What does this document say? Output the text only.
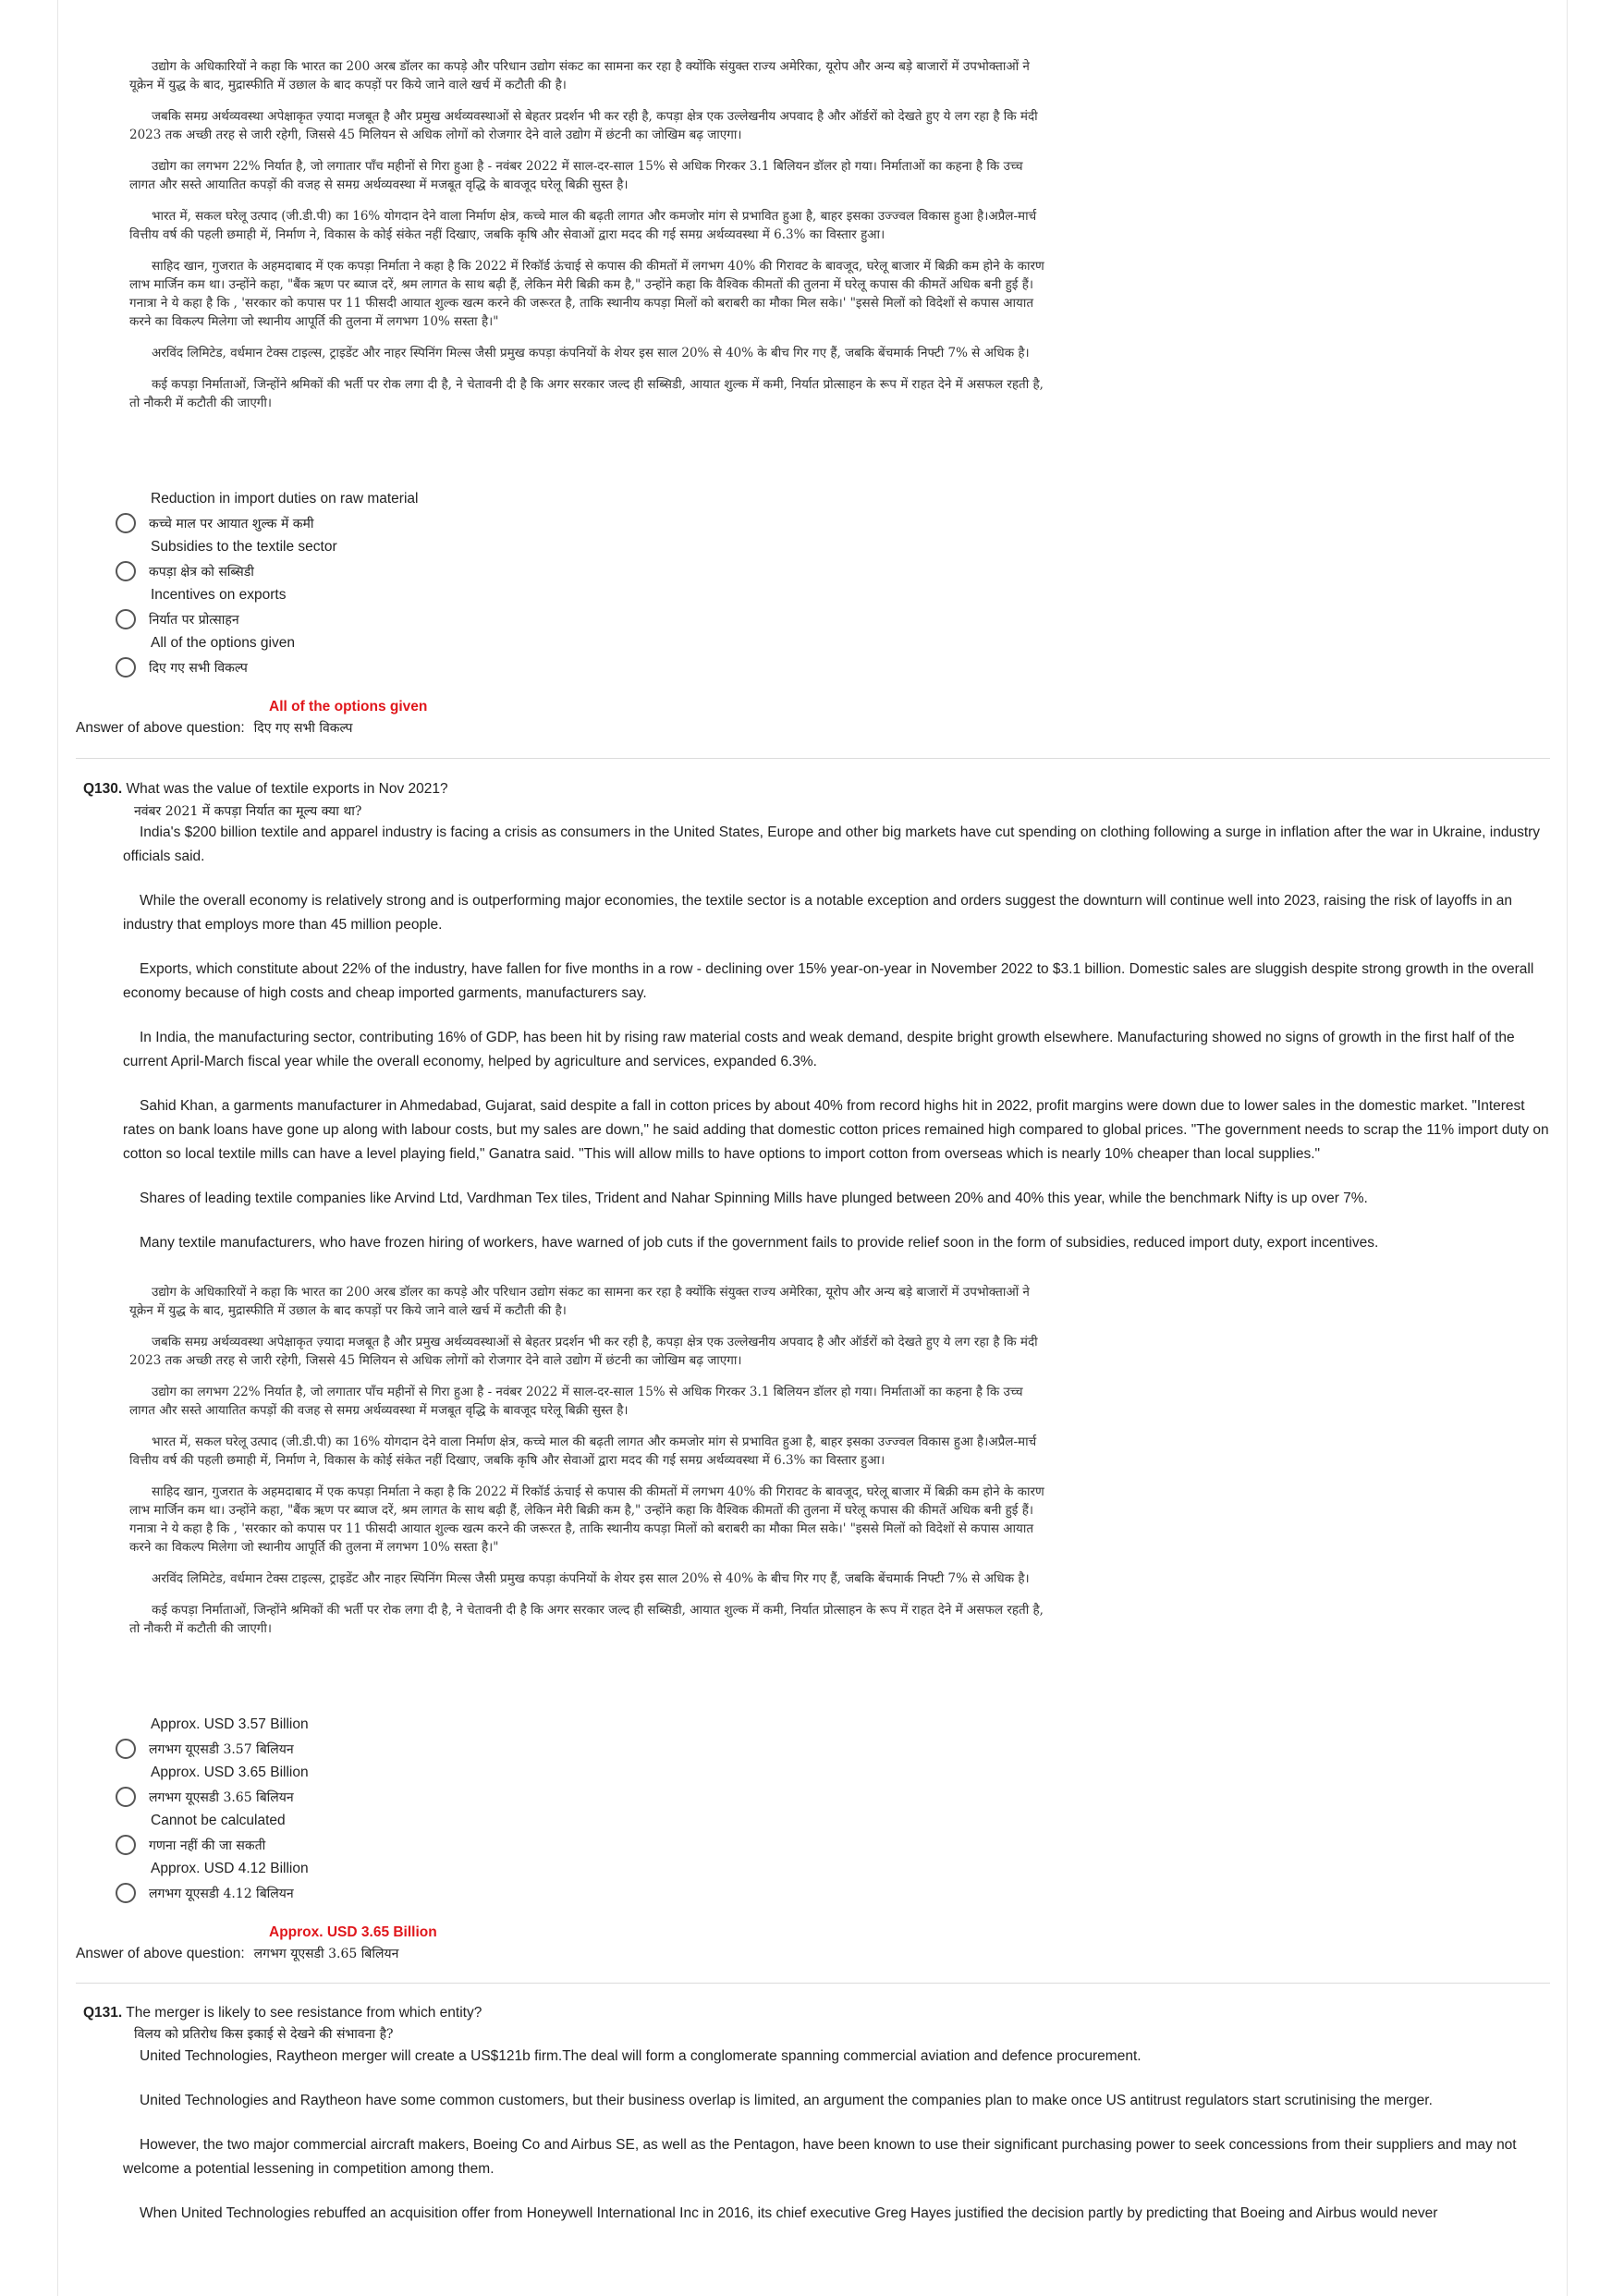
उद्योग के अधिकारियों ने कहा कि भारत का 200 अरब डॉलर का कपड़े और परिधान उद्योग संकट का सामना कर रहा है क्योंकि संयुक्त राज्य अमेरिका, यूरोप और अन्य बड़े बाजारों में उपभोक्ताओं ने यूक्रेन में युद्ध के बाद, मुद्रास्फीति में उछाल के बाद कपड़ों पर किये जाने वाले खर्च में कटौती की है।

जबकि समग्र अर्थव्यवस्था अपेक्षाकृत ज़्यादा मजबूत है और प्रमुख अर्थव्यवस्थाओं से बेहतर प्रदर्शन भी कर रही है, कपड़ा क्षेत्र एक उल्लेखनीय अपवाद है और ऑर्डरों को देखते हुए ये लग रहा है कि मंदी 2023 तक अच्छी तरह से जारी रहेगी, जिससे 45 मिलियन से अधिक लोगों को रोजगार देने वाले उद्योग में छंटनी का जोखिम बढ़ जाएगा।

उद्योग का लगभग 22% निर्यात है, जो लगातार पाँच महीनों से गिरा हुआ है - नवंबर 2022 में साल-दर-साल 15% से अधिक गिरकर 3.1 बिलियन डॉलर हो गया। निर्माताओं का कहना है कि उच्च लागत और सस्ते आयातित कपड़ों की वजह से समग्र अर्थव्यवस्था में मजबूत वृद्धि के बावजूद घरेलू बिक्री सुस्त है।

भारत में, सकल घरेलू उत्पाद (जी.डी.पी) का 16% योगदान देने वाला निर्माण क्षेत्र, कच्चे माल की बढ़ती लागत और कमजोर मांग से प्रभावित हुआ है, बाहर इसका उज्ज्वल विकास हुआ है।अप्रैल-मार्च वित्तीय वर्ष की पहली छमाही में, निर्माण ने, विकास के कोई संकेत नहीं दिखाए, जबकि कृषि और सेवाओं द्वारा मदद की गई समग्र अर्थव्यवस्था में 6.3% का विस्तार हुआ।

साहिद खान, गुजरात के अहमदाबाद में एक कपड़ा निर्माता ने कहा है कि 2022 में रिकॉर्ड ऊंचाई से कपास की कीमतों में लगभग 40% की गिरावट के बावजूद, घरेलू बाजार में बिक्री कम होने के कारण लाभ मार्जिन कम था। उन्होंने कहा, "बैंक ऋण पर ब्याज दरें, श्रम लागत के साथ बढ़ी हैं, लेकिन मेरी बिक्री कम है," उन्होंने कहा कि वैश्विक कीमतों की तुलना में घरेलू कपास की कीमतें अधिक बनी हुई हैं। गनात्रा ने ये कहा है कि , 'सरकार को कपास पर 11 फीसदी आयात शुल्क खत्म करने की जरूरत है, ताकि स्थानीय कपड़ा मिलों को बराबरी का मौका मिल सके।' "इससे मिलों को विदेशों से कपास आयात करने का विकल्प मिलेगा जो स्थानीय आपूर्ति की तुलना में लगभग 10% सस्ता है।"

अरविंद लिमिटेड, वर्धमान टेक्स टाइल्स, ट्राइडेंट और नाहर स्पिनिंग मिल्स जैसी प्रमुख कपड़ा कंपनियों के शेयर इस साल 20% से 40% के बीच गिर गए हैं, जबकि बेंचमार्क निफ्टी 7% से अधिक है।

कई कपड़ा निर्माताओं, जिन्होंने श्रमिकों की भर्ती पर रोक लगा दी है, ने चेतावनी दी है कि अगर सरकार जल्द ही सब्सिडी, आयात शुल्क में कमी, निर्यात प्रोत्साहन के रूप में राहत देने में असफल रहती है, तो नौकरी में कटौती की जाएगी।

Reduction in import duties on raw material
कच्चे माल पर आयात शुल्क में कमी
Subsidies to the textile sector
कपड़ा क्षेत्र को सब्सिडी
Incentives on exports
निर्यात पर प्रोत्साहन
All of the options given
दिए गए सभी विकल्प
All of the options given
Answer of above question: दिए गए सभी विकल्प
Q130. What was the value of textile exports in Nov 2021?
नवंबर 2021 में कपड़ा निर्यात का मूल्य क्या था?

India's $200 billion textile and apparel industry is facing a crisis as consumers in the United States, Europe and other big markets have cut spending on clothing following a surge in inflation after the war in Ukraine, industry officials said.

While the overall economy is relatively strong and is outperforming major economies, the textile sector is a notable exception and orders suggest the downturn will continue well into 2023, raising the risk of layoffs in an industry that employs more than 45 million people.

Exports, which constitute about 22% of the industry, have fallen for five months in a row - declining over 15% year-on-year in November 2022 to $3.1 billion. Domestic sales are sluggish despite strong growth in the overall economy because of high costs and cheap imported garments, manufacturers say.

In India, the manufacturing sector, contributing 16% of GDP, has been hit by rising raw material costs and weak demand, despite bright growth elsewhere. Manufacturing showed no signs of growth in the first half of the current April-March fiscal year while the overall economy, helped by agriculture and services, expanded 6.3%.

Sahid Khan, a garments manufacturer in Ahmedabad, Gujarat, said despite a fall in cotton prices by about 40% from record highs hit in 2022, profit margins were down due to lower sales in the domestic market. "Interest rates on bank loans have gone up along with labour costs, but my sales are down," he said adding that domestic cotton prices remained high compared to global prices. "The government needs to scrap the 11% import duty on cotton so local textile mills can have a level playing field," Ganatra said. "This will allow mills to have options to import cotton from overseas which is nearly 10% cheaper than local supplies."

Shares of leading textile companies like Arvind Ltd, Vardhman Tex tiles, Trident and Nahar Spinning Mills have plunged between 20% and 40% this year, while the benchmark Nifty is up over 7%.

Many textile manufacturers, who have frozen hiring of workers, have warned of job cuts if the government fails to provide relief soon in the form of subsidies, reduced import duty, export incentives.

उद्योग के अधिकारियों ने कहा कि भारत का 200 अरब डॉलर का कपड़े और परिधान उद्योग संकट का सामना कर रहा है क्योंकि संयुक्त राज्य अमेरिका, यूरोप और अन्य बड़े बाजारों में उपभोक्ताओं ने यूक्रेन में युद्ध के बाद, मुद्रास्फीति में उछाल के बाद कपड़ों पर किये जाने वाले खर्च में कटौती की है।

जबकि समग्र अर्थव्यवस्था अपेक्षाकृत ज़्यादा मजबूत है और प्रमुख अर्थव्यवस्थाओं से बेहतर प्रदर्शन भी कर रही है, कपड़ा क्षेत्र एक उल्लेखनीय अपवाद है और ऑर्डरों को देखते हुए ये लग रहा है कि मंदी 2023 तक अच्छी तरह से जारी रहेगी, जिससे 45 मिलियन से अधिक लोगों को रोजगार देने वाले उद्योग में छंटनी का जोखिम बढ़ जाएगा।

उद्योग का लगभग 22% निर्यात है, जो लगातार पाँच महीनों से गिरा हुआ है - नवंबर 2022 में साल-दर-साल 15% से अधिक गिरकर 3.1 बिलियन डॉलर हो गया। निर्माताओं का कहना है कि उच्च लागत और सस्ते आयातित कपड़ों की वजह से समग्र अर्थव्यवस्था में मजबूत वृद्धि के बावजूद घरेलू बिक्री सुस्त है।

भारत में, सकल घरेलू उत्पाद (जी.डी.पी) का 16% योगदान देने वाला निर्माण क्षेत्र, कच्चे माल की बढ़ती लागत और कमजोर मांग से प्रभावित हुआ है, बाहर इसका उज्ज्वल विकास हुआ है।अप्रैल-मार्च वित्तीय वर्ष की पहली छमाही में, निर्माण ने, विकास के कोई संकेत नहीं दिखाए, जबकि कृषि और सेवाओं द्वारा मदद की गई समग्र अर्थव्यवस्था में 6.3% का विस्तार हुआ।

साहिद खान, गुजरात के अहमदाबाद में एक कपड़ा निर्माता ने कहा है कि 2022 में रिकॉर्ड ऊंचाई से कपास की कीमतों में लगभग 40% की गिरावट के बावजूद, घरेलू बाजार में बिक्री कम होने के कारण लाभ मार्जिन कम था। उन्होंने कहा, "बैंक ऋण पर ब्याज दरें, श्रम लागत के साथ बढ़ी हैं, लेकिन मेरी बिक्री कम है," उन्होंने कहा कि वैश्विक कीमतों की तुलना में घरेलू कपास की कीमतें अधिक बनी हुई हैं। गनात्रा ने ये कहा है कि , 'सरकार को कपास पर 11 फीसदी आयात शुल्क खत्म करने की जरूरत है, ताकि स्थानीय कपड़ा मिलों को बराबरी का मौका मिल सके।' "इससे मिलों को विदेशों से कपास आयात करने का विकल्प मिलेगा जो स्थानीय आपूर्ति की तुलना में लगभग 10% सस्ता है।"

अरविंद लिमिटेड, वर्धमान टेक्स टाइल्स, ट्राइडेंट और नाहर स्पिनिंग मिल्स जैसी प्रमुख कपड़ा कंपनियों के शेयर इस साल 20% से 40% के बीच गिर गए हैं, जबकि बेंचमार्क निफ्टी 7% से अधिक है।

कई कपड़ा निर्माताओं, जिन्होंने श्रमिकों की भर्ती पर रोक लगा दी है, ने चेतावनी दी है कि अगर सरकार जल्द ही सब्सिडी, आयात शुल्क में कमी, निर्यात प्रोत्साहन के रूप में राहत देने में असफल रहती है, तो नौकरी में कटौती की जाएगी।

Approx. USD 3.57 Billion
लगभग यूएसडी 3.57 बिलियन
Approx. USD 3.65 Billion
लगभग यूएसडी 3.65 बिलियन
Cannot be calculated
गणना नहीं की जा सकती
Approx. USD 4.12 Billion
लगभग यूएसडी 4.12 बिलियन
Approx. USD 3.65 Billion
Answer of above question: लगभग यूएसडी 3.65 बिलियन
Q131. The merger is likely to see resistance from which entity?
विलय को प्रतिरोध किस इकाई से देखने की संभावना है?

United Technologies, Raytheon merger will create a US$121b firm.The deal will form a conglomerate spanning commercial aviation and defence procurement.

United Technologies and Raytheon have some common customers, but their business overlap is limited, an argument the companies plan to make once US antitrust regulators start scrutinising the merger.

However, the two major commercial aircraft makers, Boeing Co and Airbus SE, as well as the Pentagon, have been known to use their significant purchasing power to seek concessions from their suppliers and may not welcome a potential lessening in competition among them.

When United Technologies rebuffed an acquisition offer from Honeywell International Inc in 2016, its chief executive Greg Hayes justified the decision partly by predicting that Boeing and Airbus would never
